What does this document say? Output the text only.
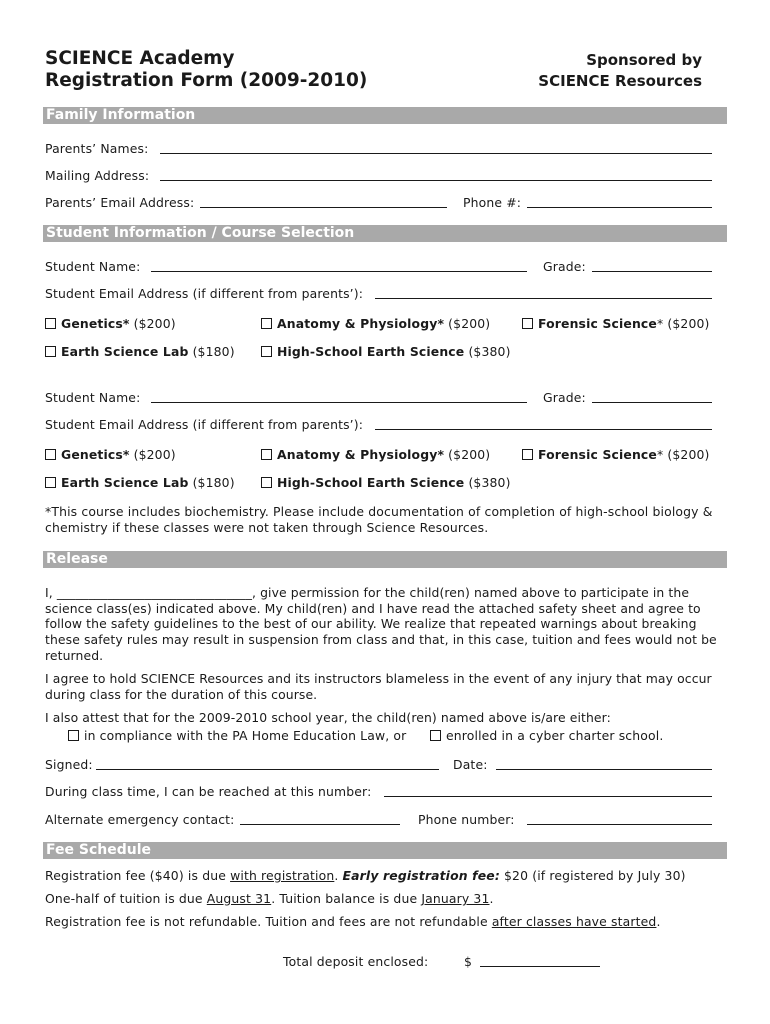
SCIENCE Academy
Registration Form (2009-2010)
Sponsored by
SCIENCE Resources
Family Information
Parents’ Names:
Mailing Address:
Parents’ Email Address:	Phone #:
Student Information / Course Selection
Student Name:	Grade:
Student Email Address (if different from parents’):
Genetics* ($200)	Anatomy & Physiology* ($200)	Forensic Science* ($200)
Earth Science Lab ($180)	High-School Earth Science ($380)
Student Name:	Grade:
Student Email Address (if different from parents’):
Genetics* ($200)	Anatomy & Physiology* ($200)	Forensic Science* ($200)
Earth Science Lab ($180)	High-School Earth Science ($380)
*This course includes biochemistry. Please include documentation of completion of high-school biology &
chemistry if these classes were not taken through Science Resources.
Release
I, _______________________________, give permission for the child(ren) named above to participate in the science class(es) indicated above. My child(ren) and I have read the attached safety sheet and agree to follow the safety guidelines to the best of our ability. We realize that repeated warnings about breaking these safety rules may result in suspension from class and that, in this case, tuition and fees would not be returned.
I agree to hold SCIENCE Resources and its instructors blameless in the event of any injury that may occur during class for the duration of this course.
I also attest that for the 2009-2010 school year, the child(ren) named above is/are either:
in compliance with the PA Home Education Law, or	enrolled in a cyber charter school.
Signed:	Date:
During class time, I can be reached at this number:
Alternate emergency contact:	Phone number:
Fee Schedule
Registration fee ($40) is due with registration. Early registration fee: $20 (if registered by July 30)
One-half of tuition is due August 31. Tuition balance is due January 31.
Registration fee is not refundable. Tuition and fees are not refundable after classes have started.
Total deposit enclosed:	$
